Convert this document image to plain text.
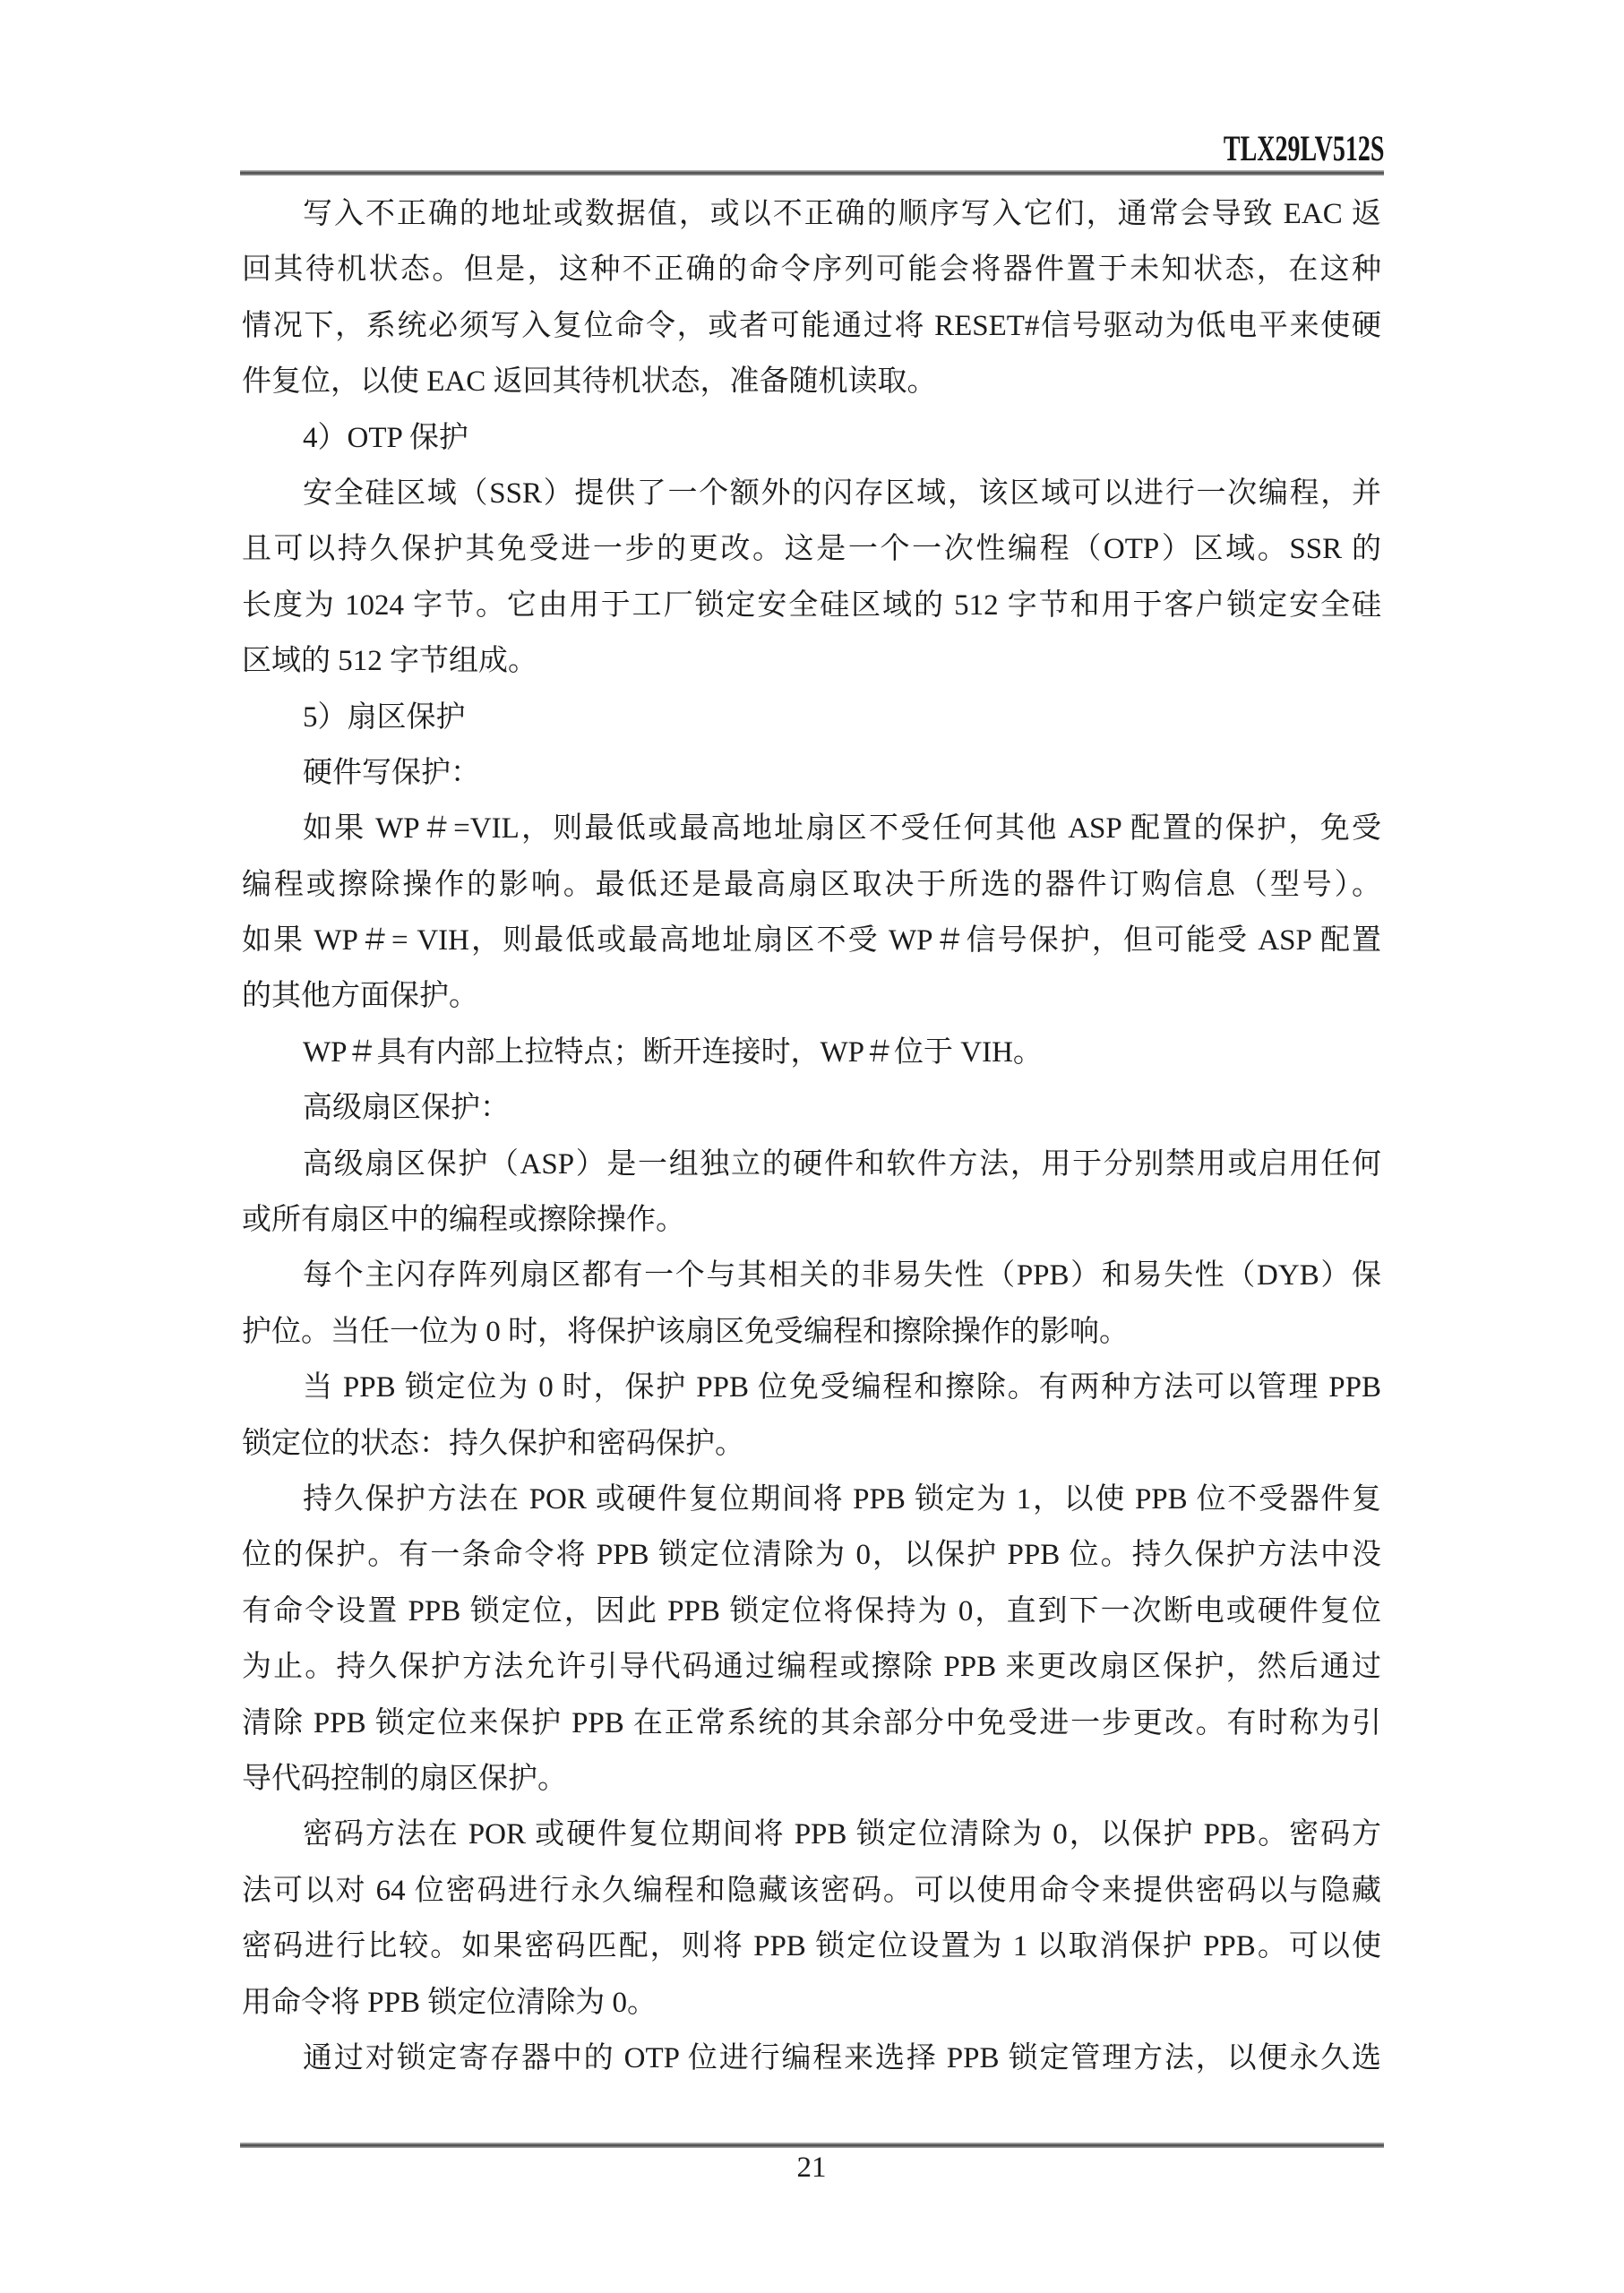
TLX29LV512S
写入不正确的地址或数据值，或以不正确的顺序写入它们，通常会导致 EAC 返
回其待机状态。但是，这种不正确的命令序列可能会将器件置于未知状态，在这种
情况下，系统必须写入复位命令，或者可能通过将 RESET#信号驱动为低电平来使硬
件复位，以使 EAC 返回其待机状态，准备随机读取。
4）OTP 保护
安全硅区域（SSR）提供了一个额外的闪存区域，该区域可以进行一次编程，并
且可以持久保护其免受进一步的更改。这是一个一次性编程（OTP）区域。SSR 的
长度为 1024 字节。它由用于工厂锁定安全硅区域的 512 字节和用于客户锁定安全硅
区域的 512 字节组成。
5）扇区保护
硬件写保护：
如果 WP＃=VIL，则最低或最高地址扇区不受任何其他 ASP 配置的保护，免受
编程或擦除操作的影响。最低还是最高扇区取决于所选的器件订购信息（型号）。
如果 WP＃= VIH，则最低或最高地址扇区不受 WP＃信号保护，但可能受 ASP 配置
的其他方面保护。
WP＃具有内部上拉特点；断开连接时，WP＃位于 VIH。
高级扇区保护：
高级扇区保护（ASP）是一组独立的硬件和软件方法，用于分别禁用或启用任何
或所有扇区中的编程或擦除操作。
每个主闪存阵列扇区都有一个与其相关的非易失性（PPB）和易失性（DYB）保
护位。当任一位为 0 时，将保护该扇区免受编程和擦除操作的影响。
当 PPB 锁定位为 0 时，保护 PPB 位免受编程和擦除。有两种方法可以管理 PPB
锁定位的状态：持久保护和密码保护。
持久保护方法在 POR 或硬件复位期间将 PPB 锁定为 1，以使 PPB 位不受器件复
位的保护。有一条命令将 PPB 锁定位清除为 0，以保护 PPB 位。持久保护方法中没
有命令设置 PPB 锁定位，因此 PPB 锁定位将保持为 0，直到下一次断电或硬件复位
为止。持久保护方法允许引导代码通过编程或擦除 PPB 来更改扇区保护，然后通过
清除 PPB 锁定位来保护 PPB 在正常系统的其余部分中免受进一步更改。有时称为引
导代码控制的扇区保护。
密码方法在 POR 或硬件复位期间将 PPB 锁定位清除为 0，以保护 PPB。密码方
法可以对 64 位密码进行永久编程和隐藏该密码。可以使用命令来提供密码以与隐藏
密码进行比较。如果密码匹配，则将 PPB 锁定位设置为 1 以取消保护 PPB。可以使
用命令将 PPB 锁定位清除为 0。
通过对锁定寄存器中的 OTP 位进行编程来选择 PPB 锁定管理方法，以便永久选
21
